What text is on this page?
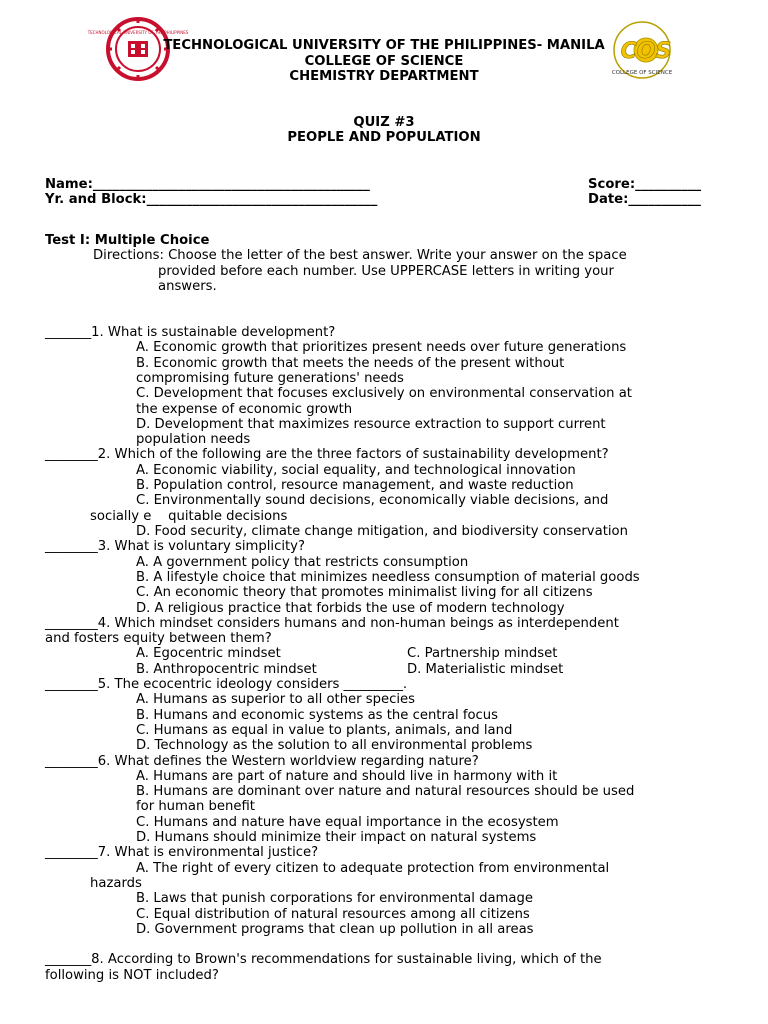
TECHNOLOGICAL UNIVERSITY OF THE PHILIPPINES
COS
COLLEGE OF SCIENCE
TECHNOLOGICAL UNIVERSITY OF THE PHILIPPINES- MANILA
COLLEGE OF SCIENCE
CHEMISTRY DEPARTMENT
QUIZ #3
PEOPLE AND POPULATION
Name:__________________________________________
Yr. and Block:___________________________________
Score:__________
Date:___________
Test I: Multiple Choice
Directions: Choose the letter of the best answer. Write your answer on the space
provided before each number. Use UPPERCASE letters in writing your
answers.
_______1. What is sustainable development?
A. Economic growth that prioritizes present needs over future generations
B. Economic growth that meets the needs of the present without
compromising future generations' needs
C. Development that focuses exclusively on environmental conservation at
the expense of economic growth
D. Development that maximizes resource extraction to support current
population needs
________2. Which of the following are the three factors of sustainability development?
A. Economic viability, social equality, and technological innovation
B. Population control, resource management, and waste reduction
C. Environmentally sound decisions, economically viable decisions, and
socially e    quitable decisions
D. Food security, climate change mitigation, and biodiversity conservation
________3. What is voluntary simplicity?
A. A government policy that restricts consumption
B. A lifestyle choice that minimizes needless consumption of material goods
C. An economic theory that promotes minimalist living for all citizens
D. A religious practice that forbids the use of modern technology
________4. Which mindset considers humans and non-human beings as interdependent
and fosters equity between them?
A. Egocentric mindset	C. Partnership mindset
B. Anthropocentric mindset	D. Materialistic mindset
________5. The ecocentric ideology considers _________.
A. Humans as superior to all other species
B. Humans and economic systems as the central focus
C. Humans as equal in value to plants, animals, and land
D. Technology as the solution to all environmental problems
________6. What defines the Western worldview regarding nature?
A. Humans are part of nature and should live in harmony with it
B. Humans are dominant over nature and natural resources should be used
for human benefit
C. Humans and nature have equal importance in the ecosystem
D. Humans should minimize their impact on natural systems
________7. What is environmental justice?
A. The right of every citizen to adequate protection from environmental
hazards
B. Laws that punish corporations for environmental damage
C. Equal distribution of natural resources among all citizens
D. Government programs that clean up pollution in all areas
_______8. According to Brown's recommendations for sustainable living, which of the
following is NOT included?
